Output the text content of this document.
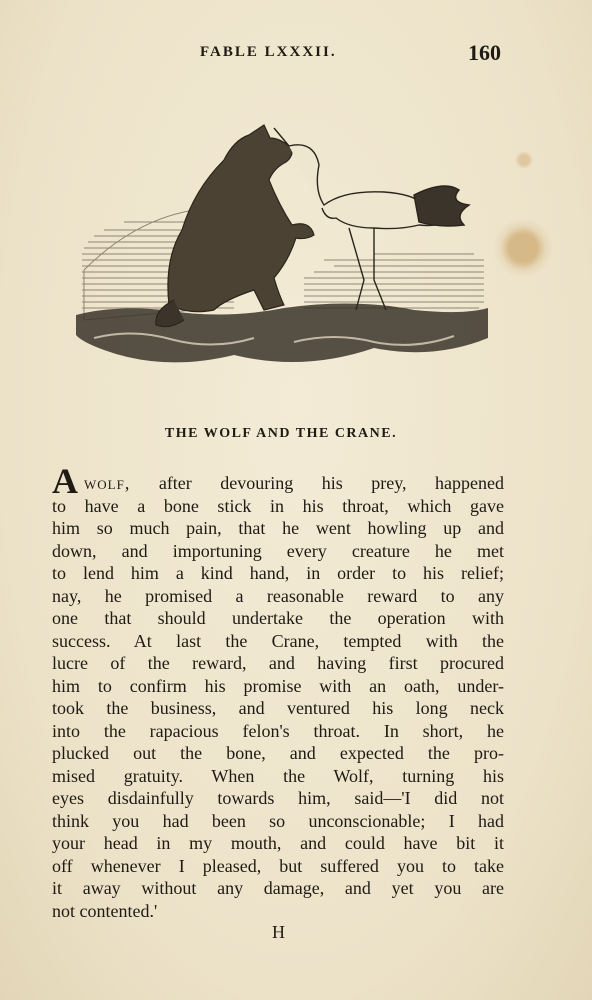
FABLE LXXXII.	160
THE WOLF AND THE CRANE.
Awolf, after devouring his prey, happened
to have a bone stick in his throat, which gave
him so much pain, that he went howling up and
down, and importuning every creature he met
to lend him a kind hand, in order to his relief;
nay, he promised a reasonable reward to any
one that should undertake the operation with
success. At last the Crane, tempted with the
lucre of the reward, and having first procured
him to confirm his promise with an oath, under-
took the business, and ventured his long neck
into the rapacious felon's throat. In short, he
plucked out the bone, and expected the pro-
mised gratuity. When the Wolf, turning his
eyes disdainfully towards him, said—'I did not
think you had been so unconscionable; I had
your head in my mouth, and could have bit it
off whenever I pleased, but suffered you to take
it away without any damage, and yet you are
not contented.'
H
